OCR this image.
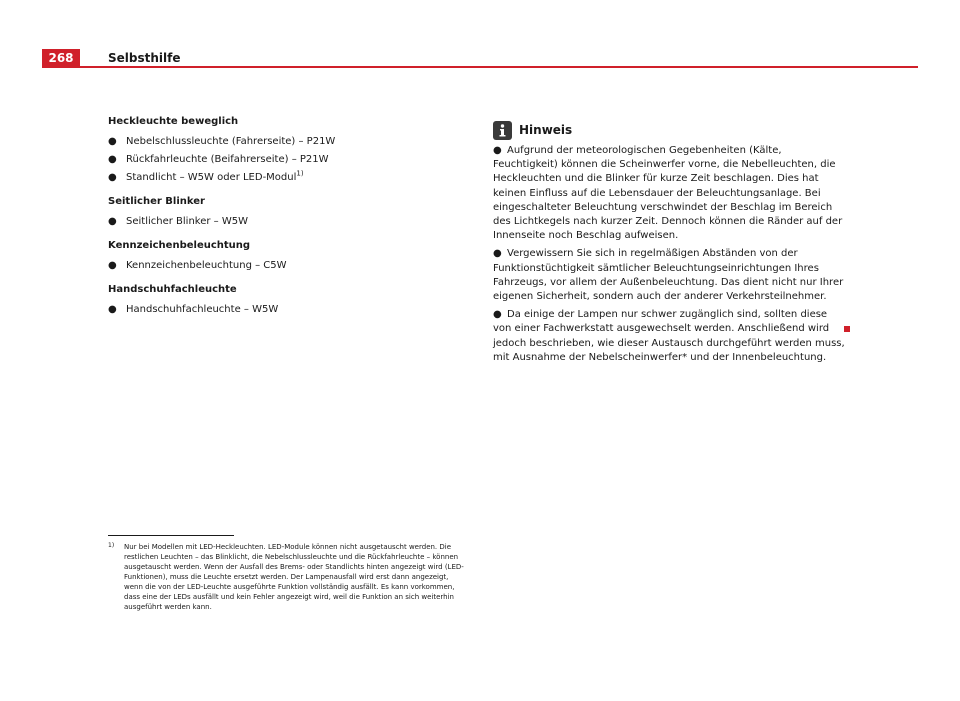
268	Selbsthilfe
Heckleuchte beweglich
● Nebelschlussleuchte (Fahrerseite) – P21W
● Rückfahrleuchte (Beifahrerseite) – P21W
● Standlicht – W5W oder LED-Modul$^{1)}$
Seitlicher Blinker
● Seitlicher Blinker – W5W
Kennzeichenbeleuchtung
● Kennzeichenbeleuchtung – C5W
Handschuhfachleuchte
● Handschuhfachleuchte – W5W
Hinweis
● Aufgrund der meteorologischen Gegebenheiten (Kälte, Feuchtigkeit) können die Scheinwerfer vorne, die Nebelleuchten, die Heckleuchten und die Blinker für kurze Zeit beschlagen. Dies hat keinen Einfluss auf die Lebensdauer der Beleuchtungsanlage. Bei eingeschalteter Beleuchtung verschwindet der Beschlag im Bereich des Lichtkegels nach kurzer Zeit. Dennoch können die Ränder auf der Innenseite noch Beschlag aufweisen.
● Vergewissern Sie sich in regelmäßigen Abständen von der Funktionstüchtigkeit sämtlicher Beleuchtungseinrichtungen Ihres Fahrzeugs, vor allem der Außenbeleuchtung. Das dient nicht nur Ihrer eigenen Sicherheit, sondern auch der anderer Verkehrsteilnehmer.
● Da einige der Lampen nur schwer zugänglich sind, sollten diese von einer Fachwerkstatt ausgewechselt werden. Anschließend wird jedoch beschrieben, wie dieser Austausch durchgeführt werden muss, mit Ausnahme der Nebelscheinwerfer* und der Innenbeleuchtung.
1)	Nur bei Modellen mit LED-Heckleuchten. LED-Module können nicht ausgetauscht werden. Die restlichen Leuchten – das Blinklicht, die Nebelschlussleuchte und die Rückfahrleuchte – können ausgetauscht werden. Wenn der Ausfall des Brems- oder Standlichts hinten angezeigt wird (LED-Funktionen), muss die Leuchte ersetzt werden. Der Lampenausfall wird erst dann angezeigt, wenn die von der LED-Leuchte ausgeführte Funktion vollständig ausfällt. Es kann vorkommen, dass eine der LEDs ausfällt und kein Fehler angezeigt wird, weil die Funktion an sich weiterhin ausgeführt werden kann.
